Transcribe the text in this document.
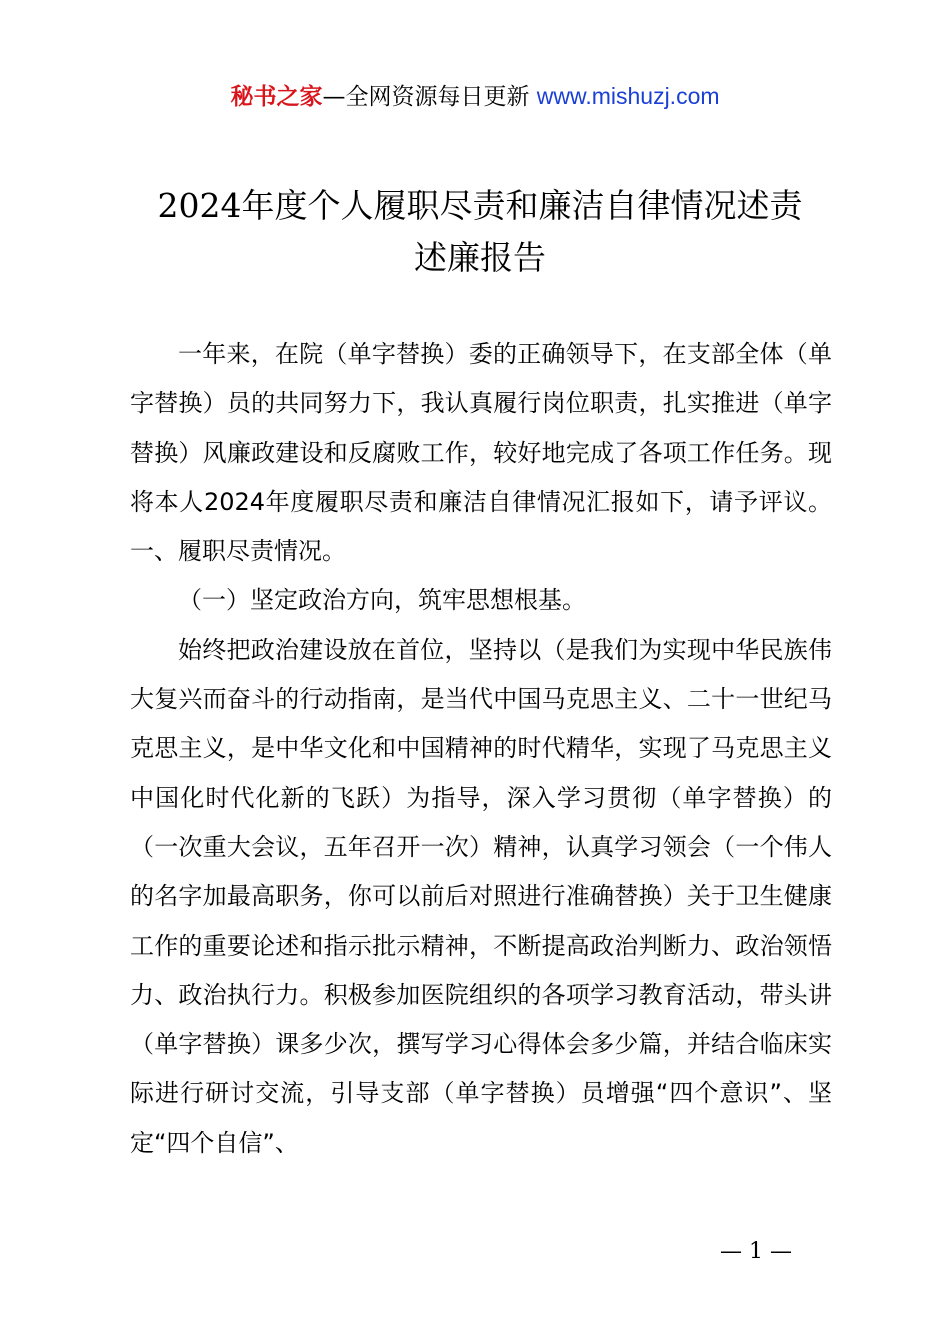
秘书之家—全网资源每日更新 www.mishuzj.com
2024年度个人履职尽责和廉洁自律情况述责
述廉报告

一年来，在院（单字替换）委的正确领导下，在支部全体（单字替换）员的共同努力下，我认真履行岗位职责，扎实推进（单字替换）风廉政建设和反腐败工作，较好地完成了各项工作任务。现将本人2024年度履职尽责和廉洁自律情况汇报如下，请予评议。一、履职尽责情况。

（一）坚定政治方向，筑牢思想根基。

始终把政治建设放在首位，坚持以（是我们为实现中华民族伟大复兴而奋斗的行动指南，是当代中国马克思主义、二十一世纪马克思主义，是中华文化和中国精神的时代精华，实现了马克思主义中国化时代化新的飞跃）为指导，深入学习贯彻（单字替换）的（一次重大会议，五年召开一次）精神，认真学习领会（一个伟人的名字加最高职务，你可以前后对照进行准确替换）关于卫生健康工作的重要论述和指示批示精神，不断提高政治判断力、政治领悟力、政治执行力。积极参加医院组织的各项学习教育活动，带头讲（单字替换）课多少次，撰写学习心得体会多少篇，并结合临床实际进行研讨交流，引导支部（单字替换）员增强“四个意识”、坚定“四个自信”、

— 1 —
